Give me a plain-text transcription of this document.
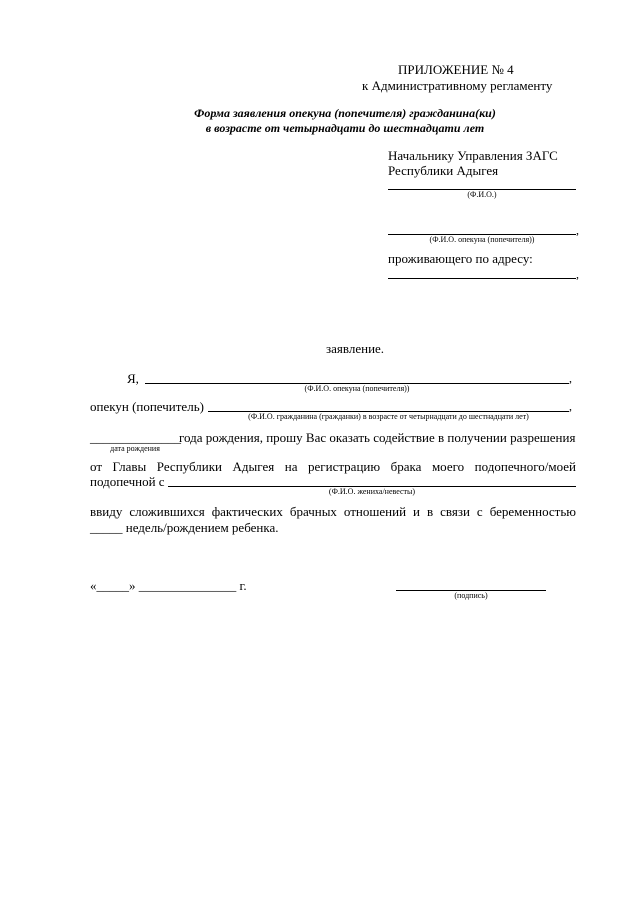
ПРИЛОЖЕНИЕ № 4
к Административному регламенту
Форма заявления опекуна (попечителя) гражданина(ки)
в возрасте от четырнадцати до шестнадцати лет
Начальнику Управления ЗАГС
Республики Адыгея
(Ф.И.О.)
,
(Ф.И.О. опекуна (попечителя))
проживающего по адресу:
,
заявление.
Я,	,
(Ф.И.О. опекуна (попечителя))
опекун (попечитель)	,
(Ф.И.О. гражданина (гражданки) в возрасте от четырнадцати до шестнадцати лет)
______________
года рождения, прошу Вас оказать содействие в получении разрешения
дата рождения
от Главы Республики Адыгея на регистрацию брака моего подопечного/моей
подопечной с
(Ф.И.О. жениха/невесты)
ввиду сложившихся фактических брачных отношений и в связи с беременностью
_____ недель/рождением ребенка.
«_____» _______________ г.
(подпись)
